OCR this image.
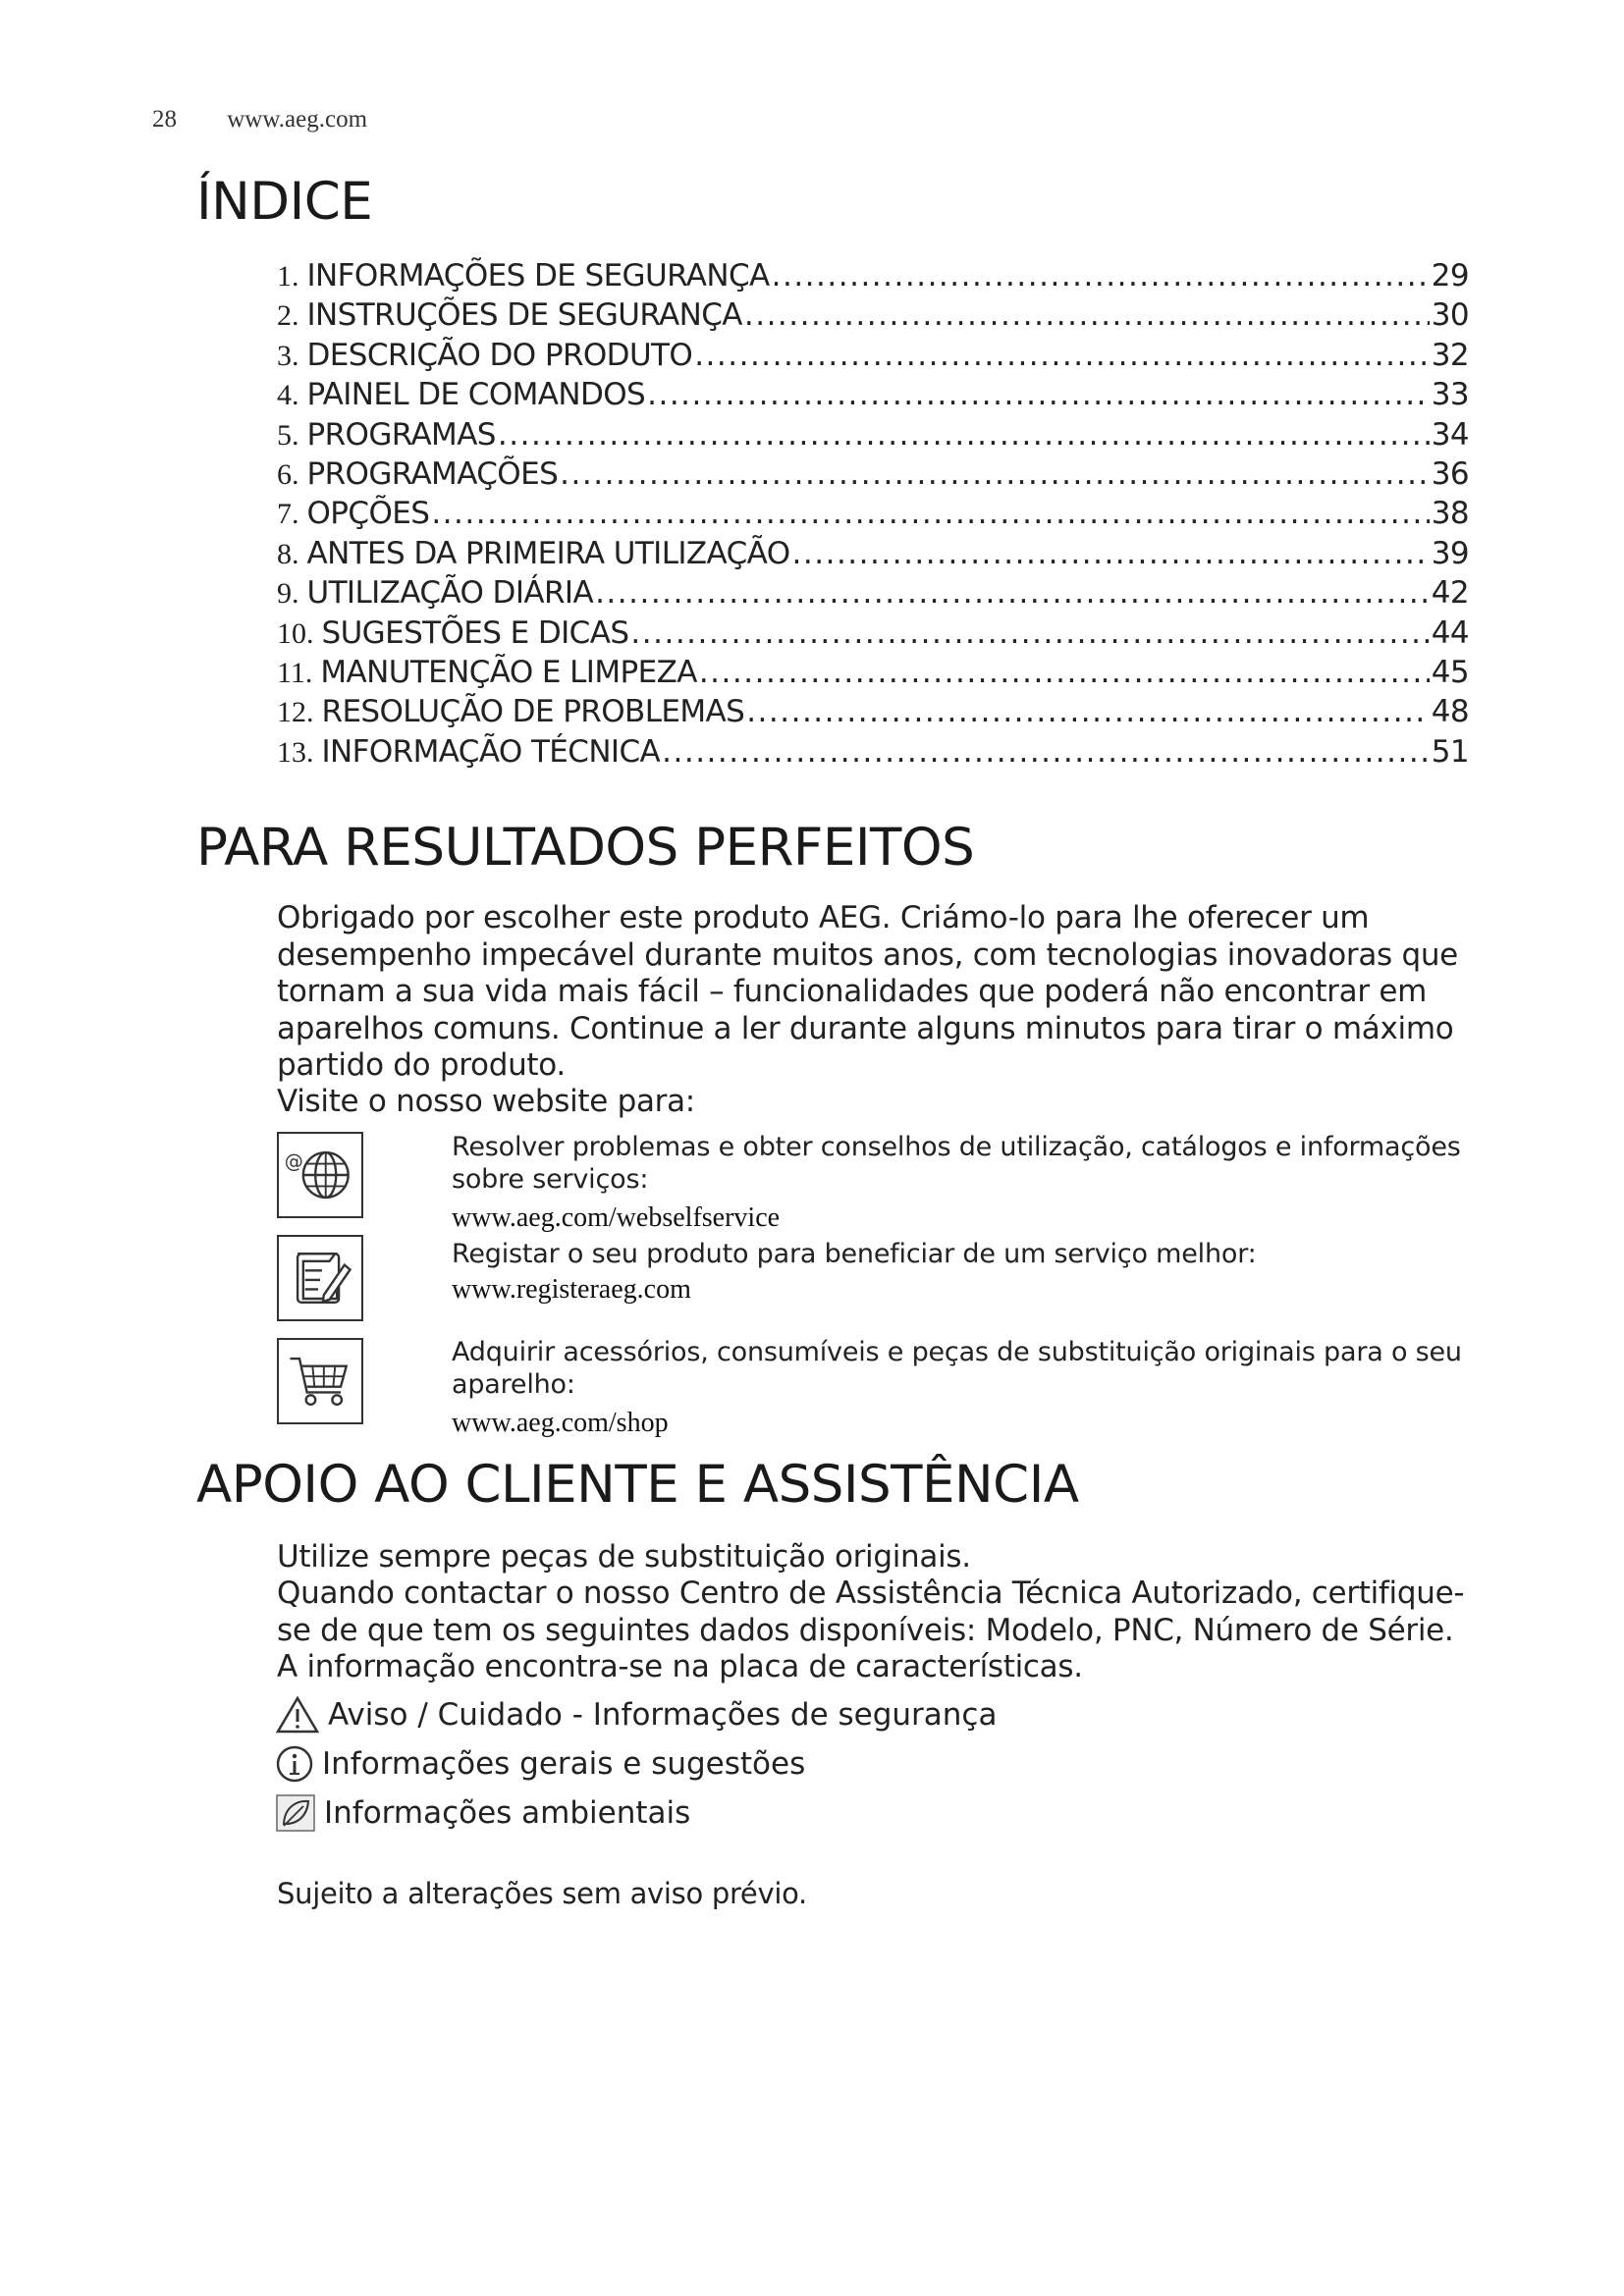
28 www.aeg.com
ÍNDICE
1. INFORMAÇÕES DE SEGURANÇA .....	29
2. INSTRUÇÕES DE SEGURANÇA .....	30
3. DESCRIÇÃO DO PRODUTO .....	32
4. PAINEL DE COMANDOS .....	33
5. PROGRAMAS .....	34
6. PROGRAMAÇÕES .....	36
7. OPÇÕES .....	38
8. ANTES DA PRIMEIRA UTILIZAÇÃO .....	39
9. UTILIZAÇÃO DIÁRIA .....	42
10. SUGESTÕES E DICAS .....	44
11. MANUTENÇÃO E LIMPEZA .....	45
12. RESOLUÇÃO DE PROBLEMAS .....	48
13. INFORMAÇÃO TÉCNICA .....	51
PARA RESULTADOS PERFEITOS
Obrigado por escolher este produto AEG. Criámo-lo para lhe oferecer um desempenho impecável durante muitos anos, com tecnologias inovadoras que tornam a sua vida mais fácil – funcionalidades que poderá não encontrar em aparelhos comuns. Continue a ler durante alguns minutos para tirar o máximo partido do produto.
Visite o nosso website para:
@	Resolver problemas e obter conselhos de utilização, catálogos e informações sobre serviços:
www.aeg.com/webselfservice
Registar o seu produto para beneficiar de um serviço melhor:
www.registeraeg.com
Adquirir acessórios, consumíveis e peças de substituição originais para o seu aparelho:
www.aeg.com/shop
APOIO AO CLIENTE E ASSISTÊNCIA
Utilize sempre peças de substituição originais.
Quando contactar o nosso Centro de Assistência Técnica Autorizado, certifique-se de que tem os seguintes dados disponíveis: Modelo, PNC, Número de Série.
A informação encontra-se na placa de características.
Aviso / Cuidado - Informações de segurança
Informações gerais e sugestões
Informações ambientais
Sujeito a alterações sem aviso prévio.
